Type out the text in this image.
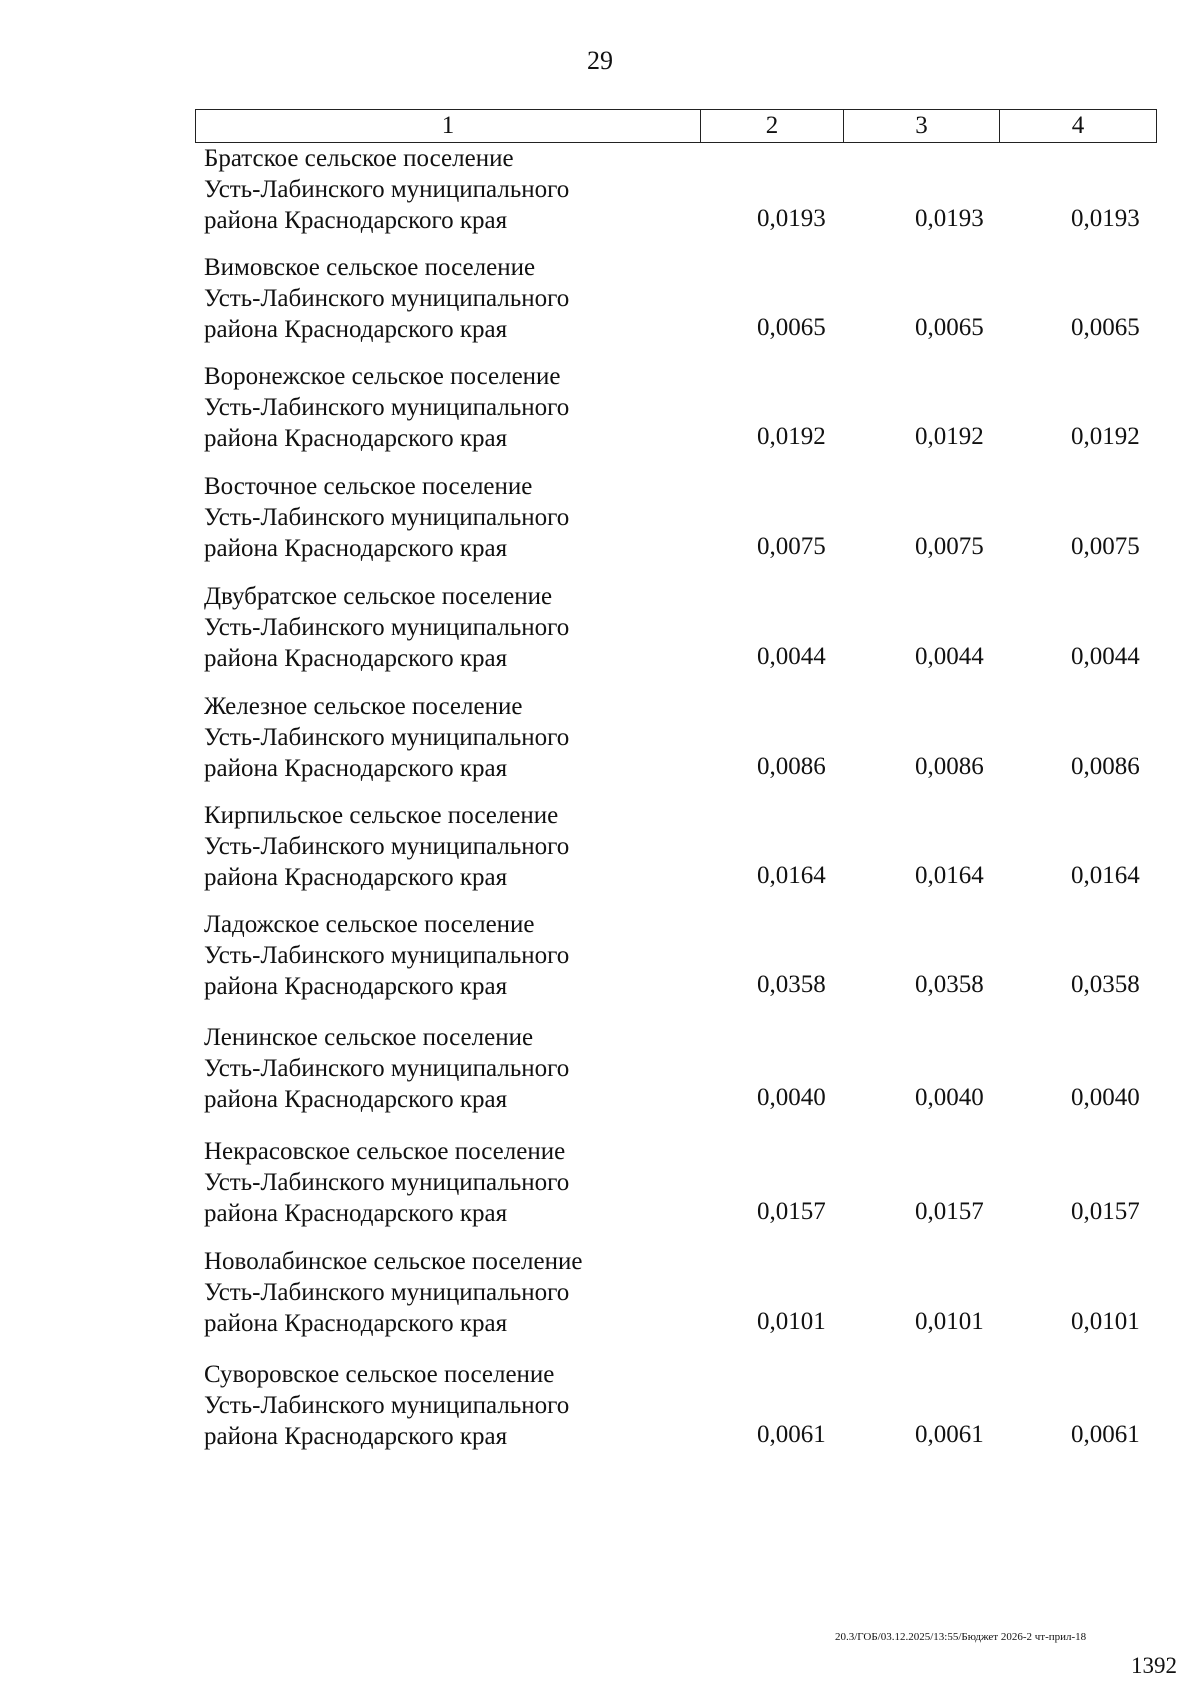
29
1	2	3	4
Братское сельское поселение
Усть-Лабинского муниципального
района Краснодарского края	0,0193	0,0193	0,0193
Вимовское сельское поселение
Усть-Лабинского муниципального
района Краснодарского края	0,0065	0,0065	0,0065
Воронежское сельское поселение
Усть-Лабинского муниципального
района Краснодарского края	0,0192	0,0192	0,0192
Восточное сельское поселение
Усть-Лабинского муниципального
района Краснодарского края	0,0075	0,0075	0,0075
Двубратское сельское поселение
Усть-Лабинского муниципального
района Краснодарского края	0,0044	0,0044	0,0044
Железное сельское поселение
Усть-Лабинского муниципального
района Краснодарского края	0,0086	0,0086	0,0086
Кирпильское сельское поселение
Усть-Лабинского муниципального
района Краснодарского края	0,0164	0,0164	0,0164
Ладожское сельское поселение
Усть-Лабинского муниципального
района Краснодарского края	0,0358	0,0358	0,0358
Ленинское сельское поселение
Усть-Лабинского муниципального
района Краснодарского края	0,0040	0,0040	0,0040
Некрасовское сельское поселение
Усть-Лабинского муниципального
района Краснодарского края	0,0157	0,0157	0,0157
Новолабинское сельское поселение
Усть-Лабинского муниципального
района Краснодарского края	0,0101	0,0101	0,0101
Суворовское сельское поселение
Усть-Лабинского муниципального
района Краснодарского края	0,0061	0,0061	0,0061
20.3/ГОБ/03.12.2025/13:55/Бюджет 2026-2 чт-прил-18
1392
